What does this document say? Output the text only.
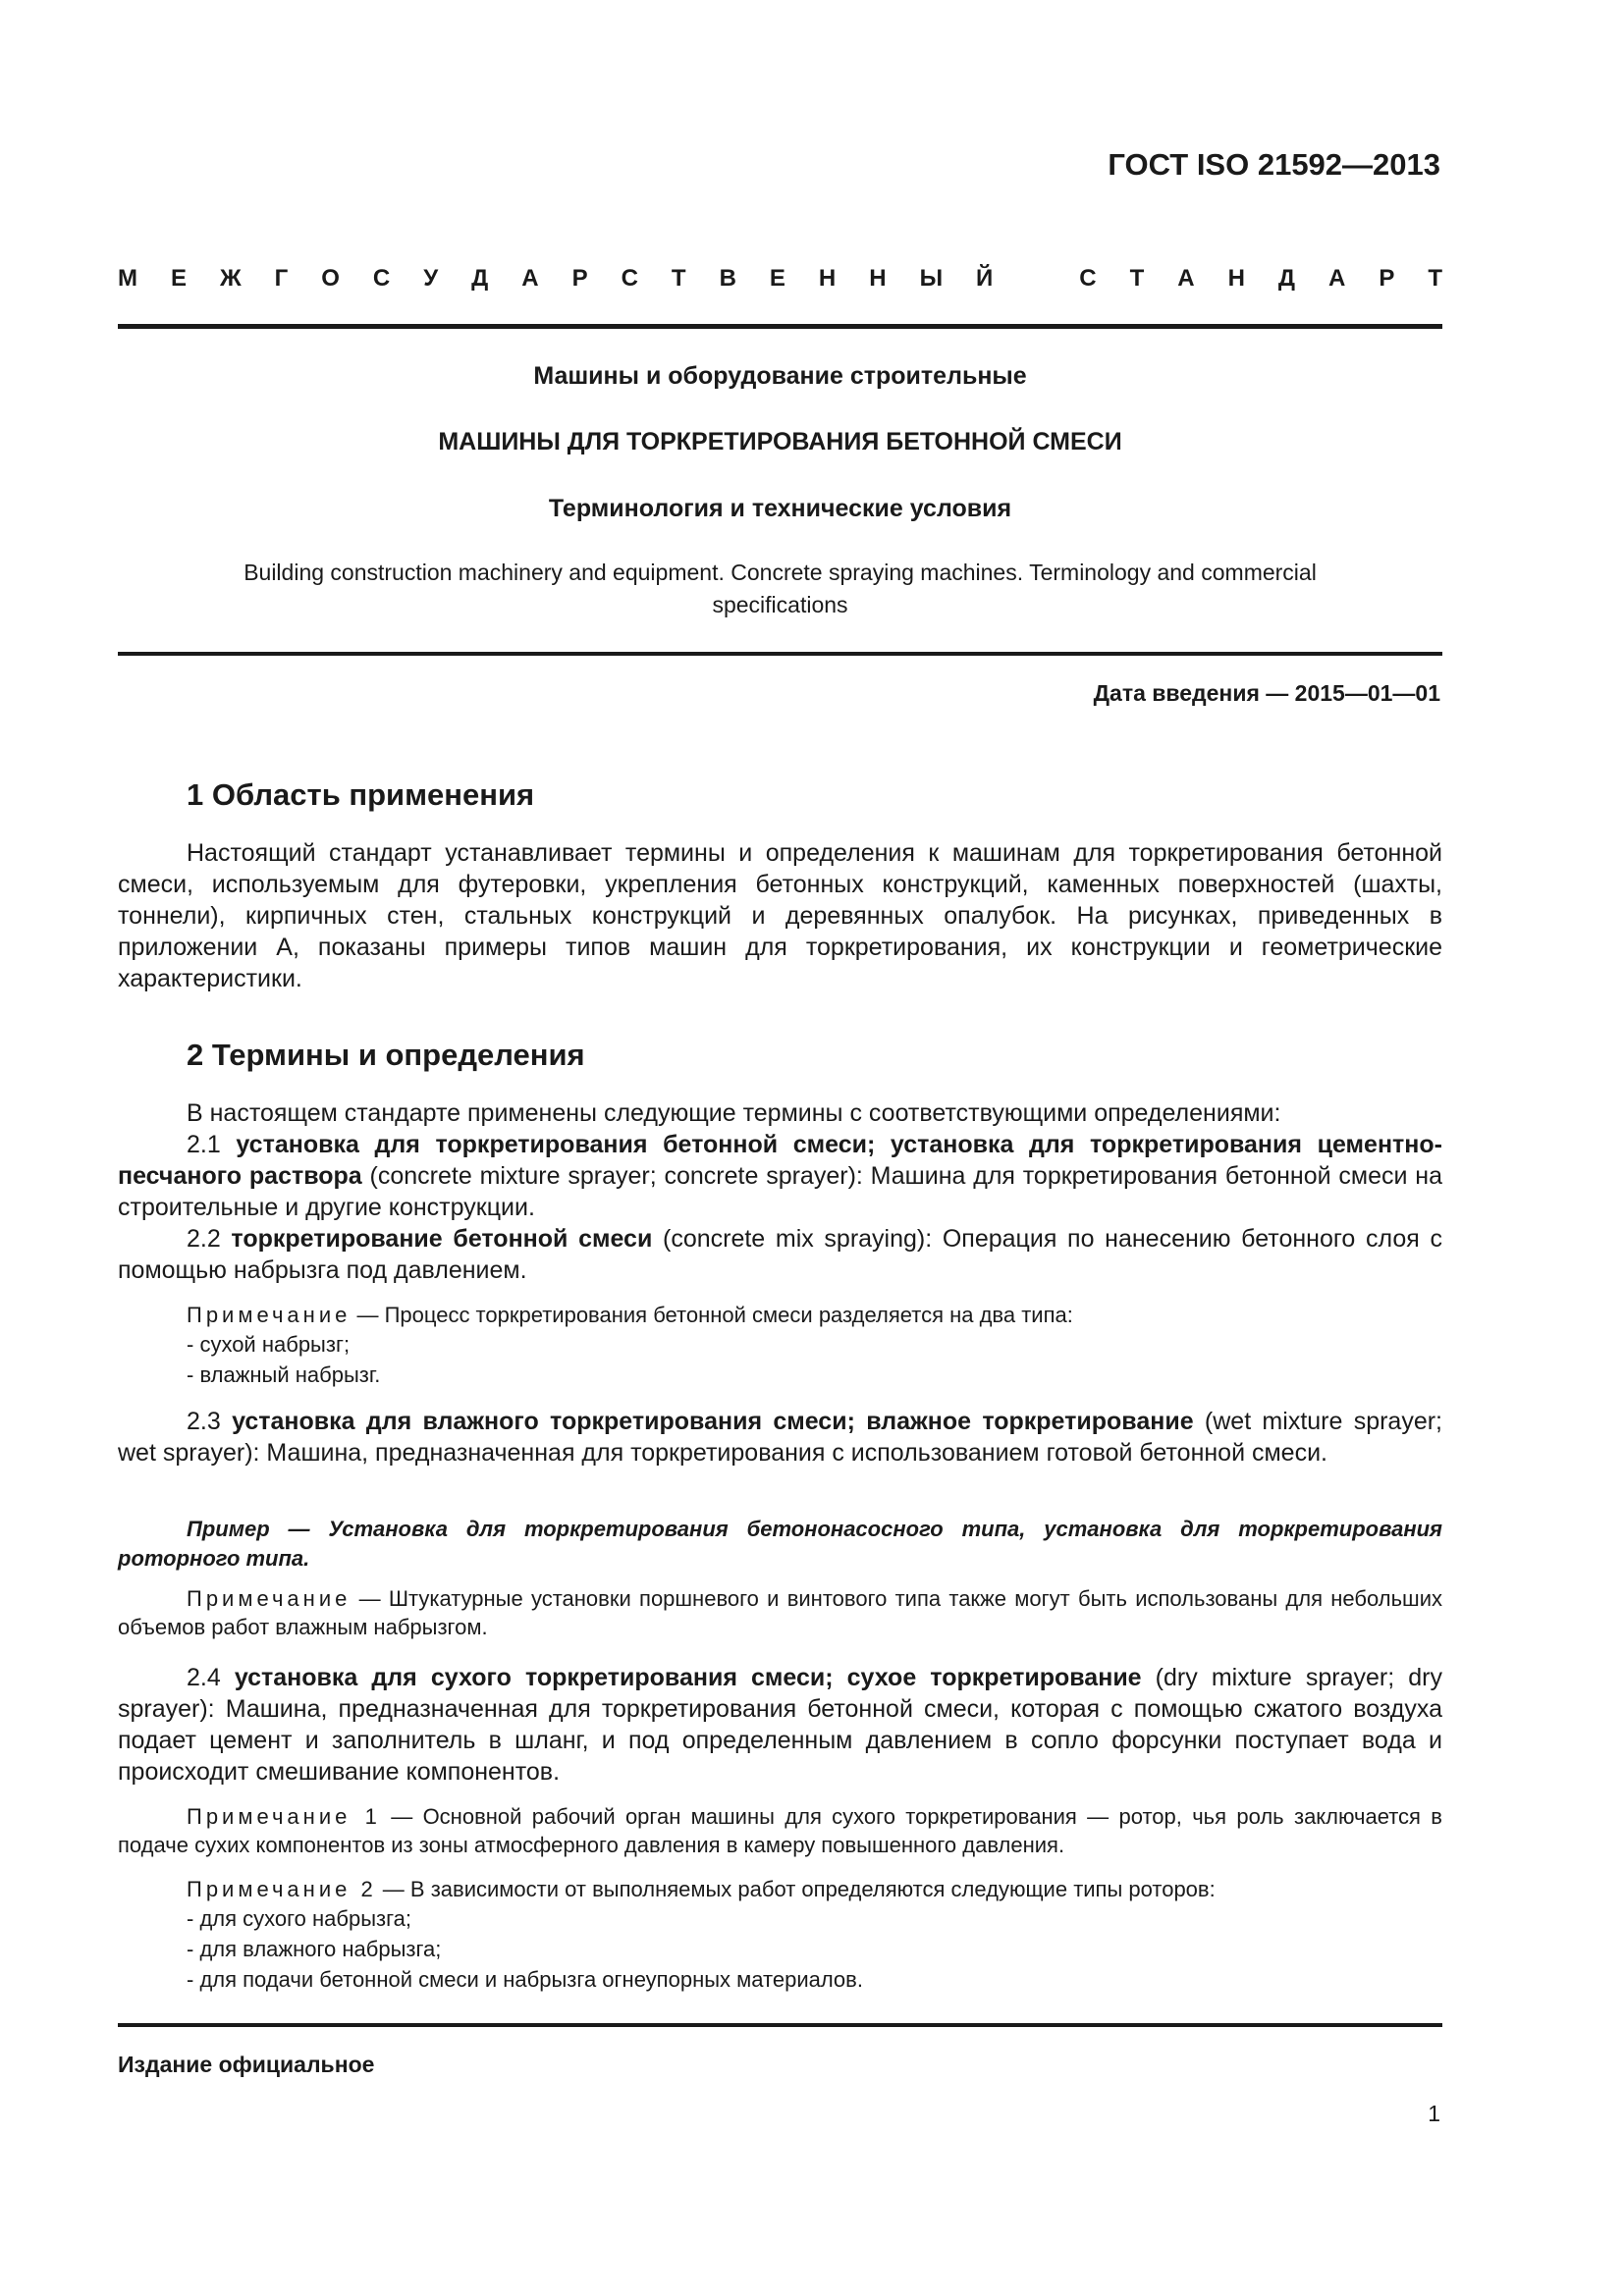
ГОСТ ISO 21592—2013
М Е Ж Г О С У Д А Р С Т В Е Н Н Ы Й	С Т А Н Д А Р Т
Машины и оборудование строительные
МАШИНЫ ДЛЯ ТОРКРЕТИРОВАНИЯ БЕТОННОЙ СМЕСИ
Терминология и технические условия
Building construction machinery and equipment. Concrete spraying machines. Terminology and commercial specifications
Дата введения — 2015—01—01
1 Область применения
Настоящий стандарт устанавливает термины и определения к машинам для торкретирования бетонной смеси, используемым для футеровки, укрепления бетонных конструкций, каменных поверхностей (шахты, тоннели), кирпичных стен, стальных конструкций и деревянных опалубок. На рисунках, приведенных в приложении А, показаны примеры типов машин для торкретирования, их конструкции и геометрические характеристики.
2 Термины и определения
В настоящем стандарте применены следующие термины с соответствующими определениями:
2.1 установка для торкретирования бетонной смеси; установка для торкретирования цементно-песчаного раствора (concrete mixture sprayer; concrete sprayer): Машина для торкретирования бетонной смеси на строительные и другие конструкции.
2.2 торкретирование бетонной смеси (concrete mix spraying): Операция по нанесению бетонного слоя с помощью набрызга под давлением.
Примечание — Процесс торкретирования бетонной смеси разделяется на два типа:
- сухой набрызг;
- влажный набрызг.
2.3 установка для влажного торкретирования смеси; влажное торкретирование (wet mixture sprayer; wet sprayer): Машина, предназначенная для торкретирования с использованием готовой бетонной смеси.
Пример — Установка для торкретирования бетононасосного типа, установка для торкретирования роторного типа.
Примечание — Штукатурные установки поршневого и винтового типа также могут быть использованы для небольших объемов работ влажным набрызгом.
2.4 установка для сухого торкретирования смеси; сухое торкретирование (dry mixture sprayer; dry sprayer): Машина, предназначенная для торкретирования бетонной смеси, которая с помощью сжатого воздуха подает цемент и заполнитель в шланг, и под определенным давлением в сопло форсунки поступает вода и происходит смешивание компонентов.
Примечание 1 — Основной рабочий орган машины для сухого торкретирования — ротор, чья роль заключается в подаче сухих компонентов из зоны атмосферного давления в камеру повышенного давления.
Примечание 2 — В зависимости от выполняемых работ определяются следующие типы роторов:
- для сухого набрызга;
- для влажного набрызга;
- для подачи бетонной смеси и набрызга огнеупорных материалов.
Издание официальное
1
